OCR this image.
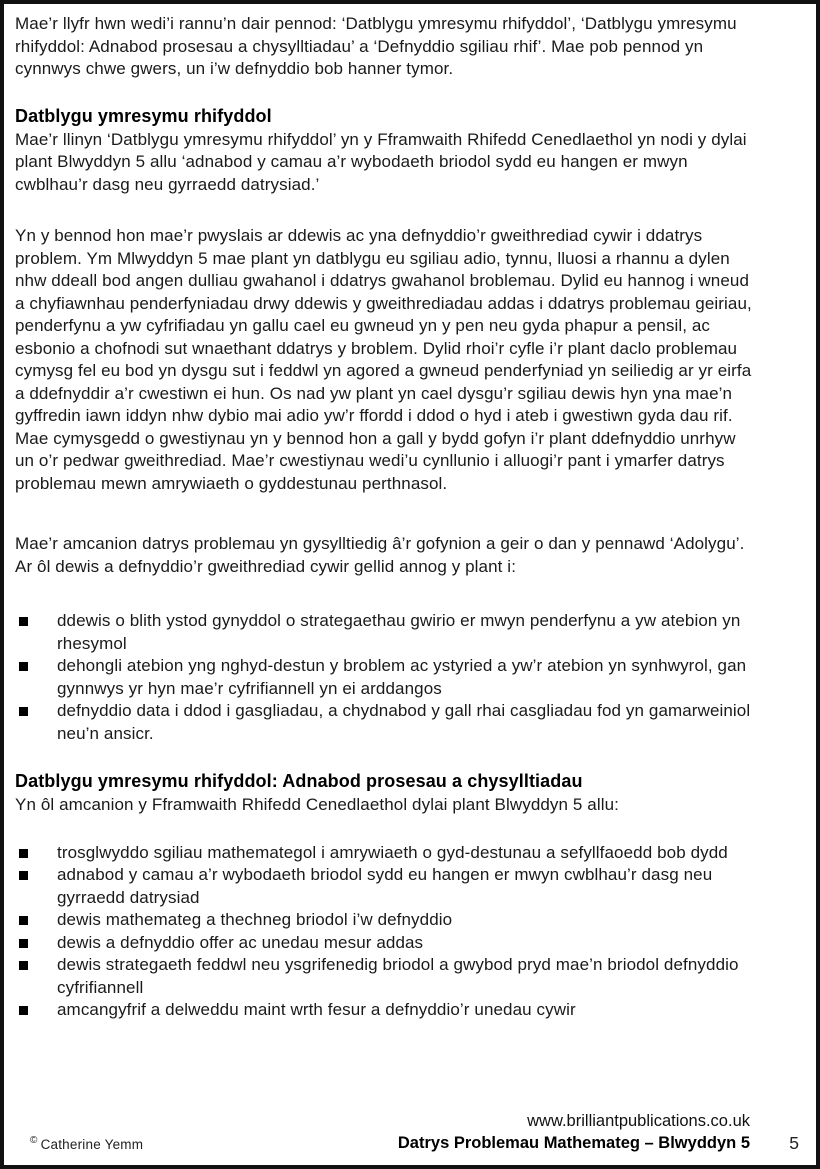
Mae’r llyfr hwn wedi’i rannu’n dair pennod: ‘Datblygu ymresymu rhifyddol’, ‘Datblygu ymresymu rhifyddol: Adnabod prosesau a chysylltiadau’ a ‘Defnyddio sgiliau rhif’. Mae pob pennod yn cynnwys chwe gwers, un i’w defnyddio bob hanner tymor.

Datblygu ymresymu rhifyddol

Mae’r llinyn ‘Datblygu ymresymu rhifyddol’ yn y Fframwaith Rhifedd Cenedlaethol yn nodi y dylai plant Blwyddyn 5 allu ‘adnabod y camau a’r wybodaeth briodol sydd eu hangen er mwyn cwblhau’r dasg neu gyrraedd datrysiad.’

Yn y bennod hon mae’r pwyslais ar ddewis ac yna defnyddio’r gweithrediad cywir i ddatrys problem. Ym Mlwyddyn 5 mae plant yn datblygu eu sgiliau adio, tynnu, lluosi a rhannu a dylen nhw ddeall bod angen dulliau gwahanol i ddatrys gwahanol broblemau. Dylid eu hannog i wneud a chyfiawnhau penderfyniadau drwy ddewis y gweithrediadau addas i ddatrys problemau geiriau, penderfynu a yw cyfrifiadau yn gallu cael eu gwneud yn y pen neu gyda phapur a pensil, ac esbonio a chofnodi sut wnaethant ddatrys y broblem. Dylid rhoi’r cyfle i’r plant daclo problemau cymysg fel eu bod yn dysgu sut i feddwl yn agored a gwneud penderfyniad yn seiliedig ar yr eirfa a ddefnyddir a’r cwestiwn ei hun. Os nad yw plant yn cael dysgu’r sgiliau dewis hyn yna mae’n gyffredin iawn iddyn nhw dybio mai adio yw’r ffordd i ddod o hyd i ateb i gwestiwn gyda dau rif. Mae cymysgedd o gwestiynau yn y bennod hon a gall y bydd gofyn i’r plant ddefnyddio unrhyw un o’r pedwar gweithrediad. Mae’r cwestiynau wedi’u cynllunio i alluogi’r pant i ymarfer datrys problemau mewn amrywiaeth o gyddestunau perthnasol.

Mae’r amcanion datrys problemau yn gysylltiedig â’r gofynion a geir o dan y pennawd ‘Adolygu’. Ar ôl dewis a defnyddio’r gweithrediad cywir gellid annog y plant i:

ddewis o blith ystod gynyddol o strategaethau gwirio er mwyn penderfynu a yw atebion yn rhesymol
dehongli atebion yng nghyd-destun y broblem ac ystyried a yw’r atebion yn synhwyrol, gan gynnwys yr hyn mae’r cyfrifiannell yn ei arddangos
defnyddio data i ddod i gasgliadau, a chydnabod y gall rhai casgliadau fod yn gamarweiniol neu’n ansicr.
Datblygu ymresymu rhifyddol: Adnabod prosesau a chysylltiadau

Yn ôl amcanion y Fframwaith Rhifedd Cenedlaethol dylai plant Blwyddyn 5 allu:

trosglwyddo sgiliau mathemategol i amrywiaeth o gyd-destunau a sefyllfaoedd bob dydd
adnabod y camau a’r wybodaeth briodol sydd eu hangen er mwyn cwblhau’r dasg neu gyrraedd datrysiad
dewis mathemateg a thechneg briodol i’w defnyddio
dewis a defnyddio offer ac unedau mesur addas
dewis strategaeth feddwl neu ysgrifenedig briodol a gwybod pryd mae’n briodol defnyddio cyfrifiannell
amcangyfrif a delweddu maint wrth fesur a defnyddio’r unedau cywir
© Catherine Yemm
www.brilliantpublications.co.uk
Datrys Problemau Mathemateg – Blwyddyn 5 5
